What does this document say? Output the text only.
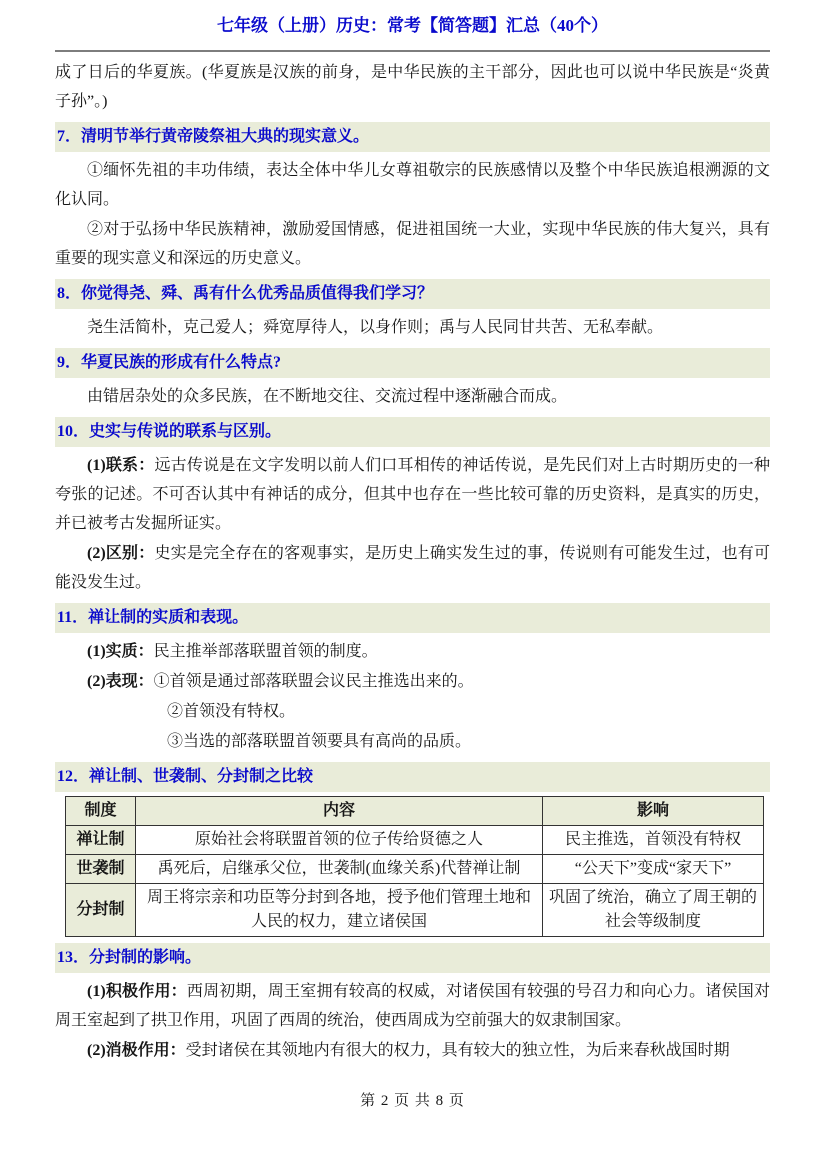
七年级（上册）历史：常考【简答题】汇总（40个）

成了日后的华夏族。(华夏族是汉族的前身，是中华民族的主干部分，因此也可以说中华民族是“炎黄子孙”。)

7．清明节举行黄帝陵祭祖大典的现实意义。

①缅怀先祖的丰功伟绩，表达全体中华儿女尊祖敬宗的民族感情以及整个中华民族追根溯源的文化认同。

②对于弘扬中华民族精神，激励爱国情感，促进祖国统一大业，实现中华民族的伟大复兴，具有重要的现实意义和深远的历史意义。

8．你觉得尧、舜、禹有什么优秀品质值得我们学习？

尧生活简朴，克己爱人；舜宽厚待人，以身作则；禹与人民同甘共苦、无私奉献。

9．华夏民族的形成有什么特点?

由错居杂处的众多民族，在不断地交往、交流过程中逐渐融合而成。

10．史实与传说的联系与区别。

(1)联系：远古传说是在文字发明以前人们口耳相传的神话传说，是先民们对上古时期历史的一种夸张的记述。不可否认其中有神话的成分，但其中也存在一些比较可靠的历史资料，是真实的历史，并已被考古发掘所证实。

(2)区别：史实是完全存在的客观事实，是历史上确实发生过的事，传说则有可能发生过，也有可能没发生过。

11．禅让制的实质和表现。

(1)实质：民主推举部落联盟首领的制度。

(2)表现：①首领是通过部落联盟会议民主推选出来的。

②首领没有特权。

③当选的部落联盟首领要具有高尚的品质。

12．禅让制、世袭制、分封制之比较
制度	内容	影响
禅让制	原始社会将联盟首领的位子传给贤德之人	民主推选，首领没有特权
世袭制	禹死后，启继承父位，世袭制(血缘关系)代替禅让制	“公天下”变成“家天下”
分封制	周王将宗亲和功臣等分封到各地，授予他们管理土地和人民的权力，建立诸侯国	巩固了统治，确立了周王朝的社会等级制度
13．分封制的影响。

(1)积极作用：西周初期，周王室拥有较高的权威，对诸侯国有较强的号召力和向心力。诸侯国对周王室起到了拱卫作用，巩固了西周的统治，使西周成为空前强大的奴隶制国家。

(2)消极作用：受封诸侯在其领地内有很大的权力，具有较大的独立性，为后来春秋战国时期

第 2 页 共 8 页
